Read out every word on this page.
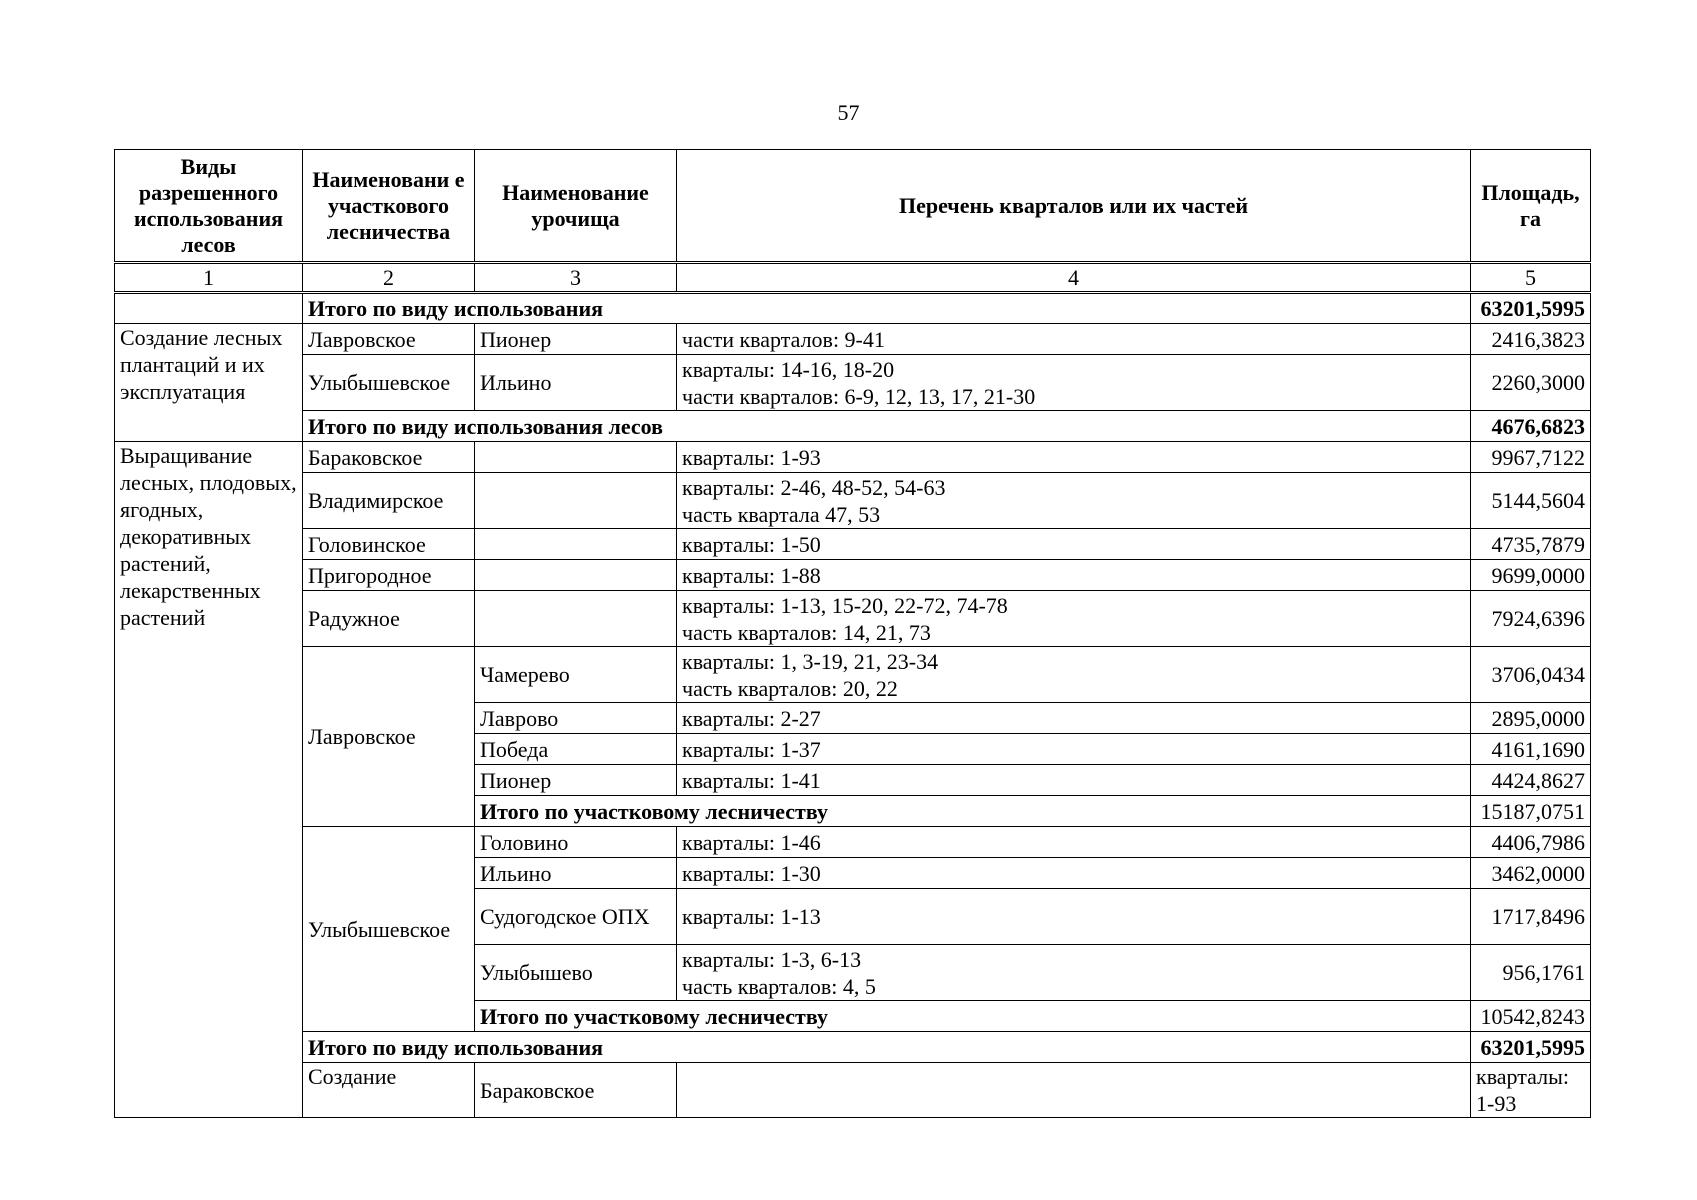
57
Виды разрешенного использования лесов	Наименовани е участкового лесничества	Наименование урочища	Перечень кварталов или их частей	Площадь, га	
1	2	3	4	5	
	Итого по виду использования			63201,5995	
Создание лесных плантаций и их эксплуатация	Лавровское	Пионер	части кварталов: 9-41	2416,3823	
	Улыбышевское	Ильино	кварталы: 14-16, 18-20
части кварталов: 6-9, 12, 13, 17, 21-30	2260,3000	
	Итого по виду использования лесов			4676,6823	
Выращивание лесных, плодовых, ягодных, декоративных растений, лекарственных растений	Бараковское		кварталы: 1-93	9967,7122	
	Владимирское		кварталы: 2-46, 48-52, 54-63
часть квартала 47, 53	5144,5604	
	Головинское		кварталы: 1-50	4735,7879	
	Пригородное		кварталы: 1-88	9699,0000	
	Радужное		кварталы: 1-13, 15-20, 22-72, 74-78
часть кварталов: 14, 21, 73	7924,6396	
	Лавровское	Чамерево	кварталы: 1, 3-19, 21, 23-34
часть кварталов: 20, 22	3706,0434	
		Лаврово	кварталы: 2-27	2895,0000	
		Победа	кварталы: 1-37	4161,1690	
		Пионер	кварталы: 1-41	4424,8627	
		Итого по участковому лесничеству		15187,0751	
	Улыбышевское	Головино	кварталы: 1-46	4406,7986	
		Ильино	кварталы: 1-30	3462,0000	
		Судогодское ОПХ	кварталы: 1-13	1717,8496	
		Улыбышево	кварталы: 1-3, 6-13
часть кварталов: 4, 5	956,1761	
		Итого по участковому лесничеству		10542,8243	
	Итого по виду использования			63201,5995	
	Создание	Бараковское		кварталы: 1-93	
